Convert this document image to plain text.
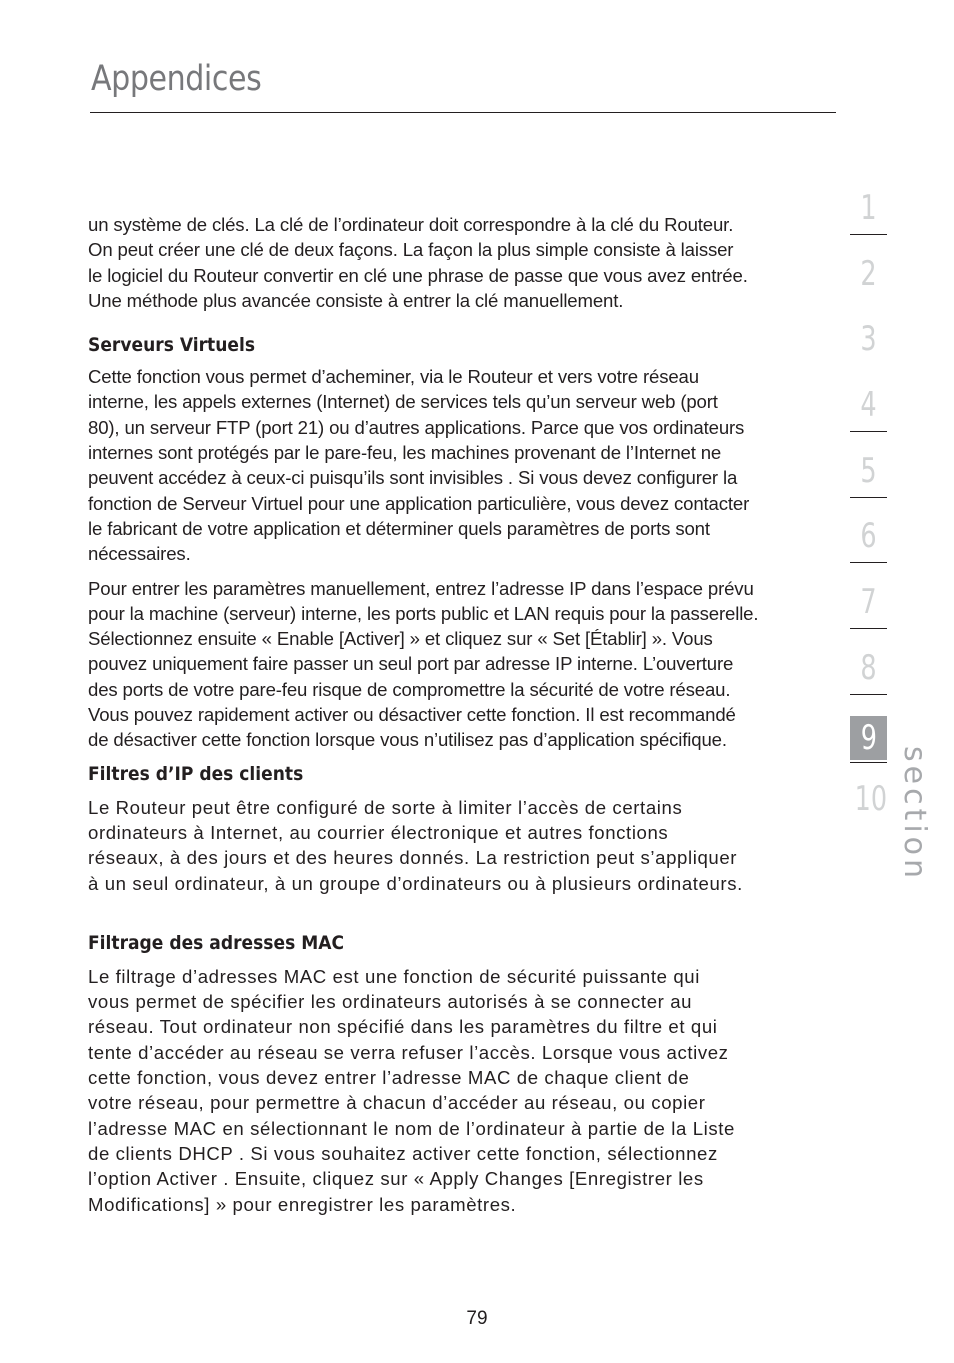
Appendices

un système de clés. La clé de l’ordinateur doit correspondre à la clé du Routeur.
On peut créer une clé de deux façons. La façon la plus simple consiste à laisser
le logiciel du Routeur convertir en clé une phrase de passe que vous avez entrée.
Une méthode plus avancée consiste à entrer la clé manuellement.

Serveurs Virtuels

Cette fonction vous permet d’acheminer, via le Routeur et vers votre réseau
interne, les appels externes (Internet) de services tels qu’un serveur web (port
80), un serveur FTP (port 21) ou d’autres applications. Parce que vos ordinateurs
internes sont protégés par le pare-feu, les machines provenant de l’Internet ne
peuvent accédez à ceux-ci puisqu’ils sont invisibles . Si vous devez configurer la
fonction de Serveur Virtuel pour une application particulière, vous devez contacter
le fabricant de votre application et déterminer quels paramètres de ports sont
nécessaires.

Pour entrer les paramètres manuellement, entrez l’adresse IP dans l’espace prévu
pour la machine (serveur) interne, les ports public et LAN requis pour la passerelle.
Sélectionnez ensuite « Enable [Activer] » et cliquez sur « Set [Établir] ». Vous
pouvez uniquement faire passer un seul port par adresse IP interne. L’ouverture
des ports de votre pare-feu risque de compromettre la sécurité de votre réseau.
Vous pouvez rapidement activer ou désactiver cette fonction. Il est recommandé
de désactiver cette fonction lorsque vous n’utilisez pas d’application spécifique.

Filtres d’IP des clients

Le Routeur peut être configuré de sorte à limiter l’accès de certains
ordinateurs à Internet, au courrier électronique et autres fonctions
réseaux, à des jours et des heures donnés. La restriction peut s’appliquer
à un seul ordinateur, à un groupe d’ordinateurs ou à plusieurs ordinateurs.

Filtrage des adresses MAC

Le filtrage d’adresses MAC est une fonction de sécurité puissante qui
vous permet de spécifier les ordinateurs autorisés à se connecter au
réseau. Tout ordinateur non spécifié dans les paramètres du filtre et qui
tente d’accéder au réseau se verra refuser l’accès. Lorsque vous activez
cette fonction, vous devez entrer l’adresse MAC de chaque client de
votre réseau, pour permettre à chacun d’accéder au réseau, ou copier
l’adresse MAC en sélectionnant le nom de l’ordinateur à partie de la Liste
de clients DHCP . Si vous souhaitez activer cette fonction, sélectionnez
l’option Activer . Ensuite, cliquez sur « Apply Changes [Enregistrer les
Modifications] » pour enregistrer les paramètres.

1
2
3
4
5
6
7
8
9
10 section
79
